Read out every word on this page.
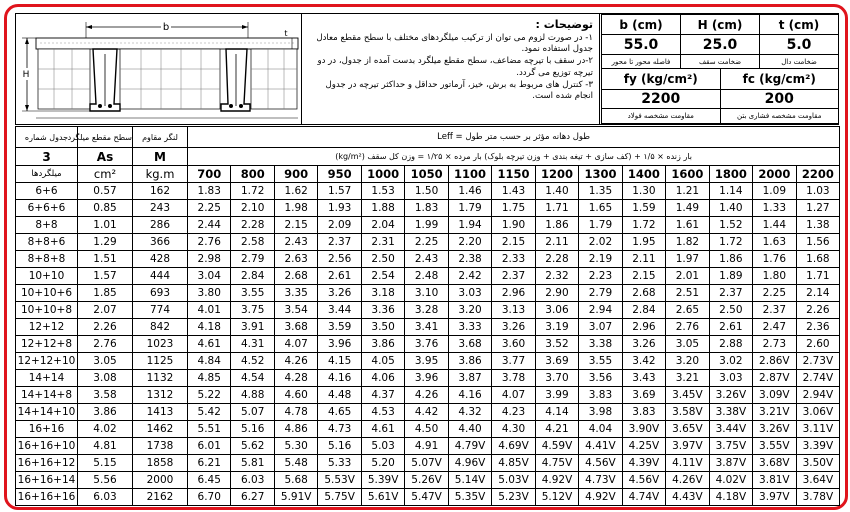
b
H
t
توضیحات :
۱- در صورت لزوم می توان از ترکیب میلگردهای مختلف با سطح مقطع معادل جدول استفاده نمود.
۲-در سقف با تیرچه مضاعف، سطح مقطع میلگرد بدست آمده از جدول، در دو تیرچه توزیع می گردد.
۳- کنترل های مربوط به برش، خیز، آرماتور حداقل و حداکثر تیرچه در جدول انجام شده است.
b (cm)	H (cm)		t (cm)
55.0	25.0		5.0
فاصله محور تا محور	ضخامت سقف		ضخامت دال
fy (kg/cm²)		fc (kg/cm²)	
2200		200	
مقاومت مشخصه فولاد		مقاومت مشخصه فشاری بتن	
جدول شماره	سطح مقطع میلگرد	لنگر مقاوم	طول دهانه مؤثر بر حسب متر طول = Leff														
3	As	M	بار زنده × ۱/۵ + (کف سازی + تیغه بندی + وزن تیرچه بلوک) بار مرده × ۱/۲۵ = وزن کل سقف (kg/m²)														
میلگردها	cm²	kg.m	700	800	900	950	1000	1050	1100	1150	1200	1300	1400	1600	1800	2000	2200
6+6	0.57	162	1.83	1.72	1.62	1.57	1.53	1.50	1.46	1.43	1.40	1.35	1.30	1.21	1.14	1.09	1.03
6+6+6	0.85	243	2.25	2.10	1.98	1.93	1.88	1.83	1.79	1.75	1.71	1.65	1.59	1.49	1.40	1.33	1.27
8+8	1.01	286	2.44	2.28	2.15	2.09	2.04	1.99	1.94	1.90	1.86	1.79	1.72	1.61	1.52	1.44	1.38
8+8+6	1.29	366	2.76	2.58	2.43	2.37	2.31	2.25	2.20	2.15	2.11	2.02	1.95	1.82	1.72	1.63	1.56
8+8+8	1.51	428	2.98	2.79	2.63	2.56	2.50	2.43	2.38	2.33	2.28	2.19	2.11	1.97	1.86	1.76	1.68
10+10	1.57	444	3.04	2.84	2.68	2.61	2.54	2.48	2.42	2.37	2.32	2.23	2.15	2.01	1.89	1.80	1.71
10+10+6	1.85	693	3.80	3.55	3.35	3.26	3.18	3.10	3.03	2.96	2.90	2.79	2.68	2.51	2.37	2.25	2.14
10+10+8	2.07	774	4.01	3.75	3.54	3.44	3.36	3.28	3.20	3.13	3.06	2.94	2.84	2.65	2.50	2.37	2.26
12+12	2.26	842	4.18	3.91	3.68	3.59	3.50	3.41	3.33	3.26	3.19	3.07	2.96	2.76	2.61	2.47	2.36
12+12+8	2.76	1023	4.61	4.31	4.07	3.96	3.86	3.76	3.68	3.60	3.52	3.38	3.26	3.05	2.88	2.73	2.60
12+12+10	3.05	1125	4.84	4.52	4.26	4.15	4.05	3.95	3.86	3.77	3.69	3.55	3.42	3.20	3.02	2.86V	2.73V
14+14	3.08	1132	4.85	4.54	4.28	4.16	4.06	3.96	3.87	3.78	3.70	3.56	3.43	3.21	3.03	2.87V	2.74V
14+14+8	3.58	1312	5.22	4.88	4.60	4.48	4.37	4.26	4.16	4.07	3.99	3.83	3.69	3.45V	3.26V	3.09V	2.94V
14+14+10	3.86	1413	5.42	5.07	4.78	4.65	4.53	4.42	4.32	4.23	4.14	3.98	3.83	3.58V	3.38V	3.21V	3.06V
16+16	4.02	1462	5.51	5.16	4.86	4.73	4.61	4.50	4.40	4.30	4.21	4.04	3.90V	3.65V	3.44V	3.26V	3.11V
16+16+10	4.81	1738	6.01	5.62	5.30	5.16	5.03	4.91	4.79V	4.69V	4.59V	4.41V	4.25V	3.97V	3.75V	3.55V	3.39V
16+16+12	5.15	1858	6.21	5.81	5.48	5.33	5.20	5.07V	4.96V	4.85V	4.75V	4.56V	4.39V	4.11V	3.87V	3.68V	3.50V
16+16+14	5.56	2000	6.45	6.03	5.68	5.53V	5.39V	5.26V	5.14V	5.03V	4.92V	4.73V	4.56V	4.26V	4.02V	3.81V	3.64V
16+16+16	6.03	2162	6.70	6.27	5.91V	5.75V	5.61V	5.47V	5.35V	5.23V	5.12V	4.92V	4.74V	4.43V	4.18V	3.97V	3.78V
